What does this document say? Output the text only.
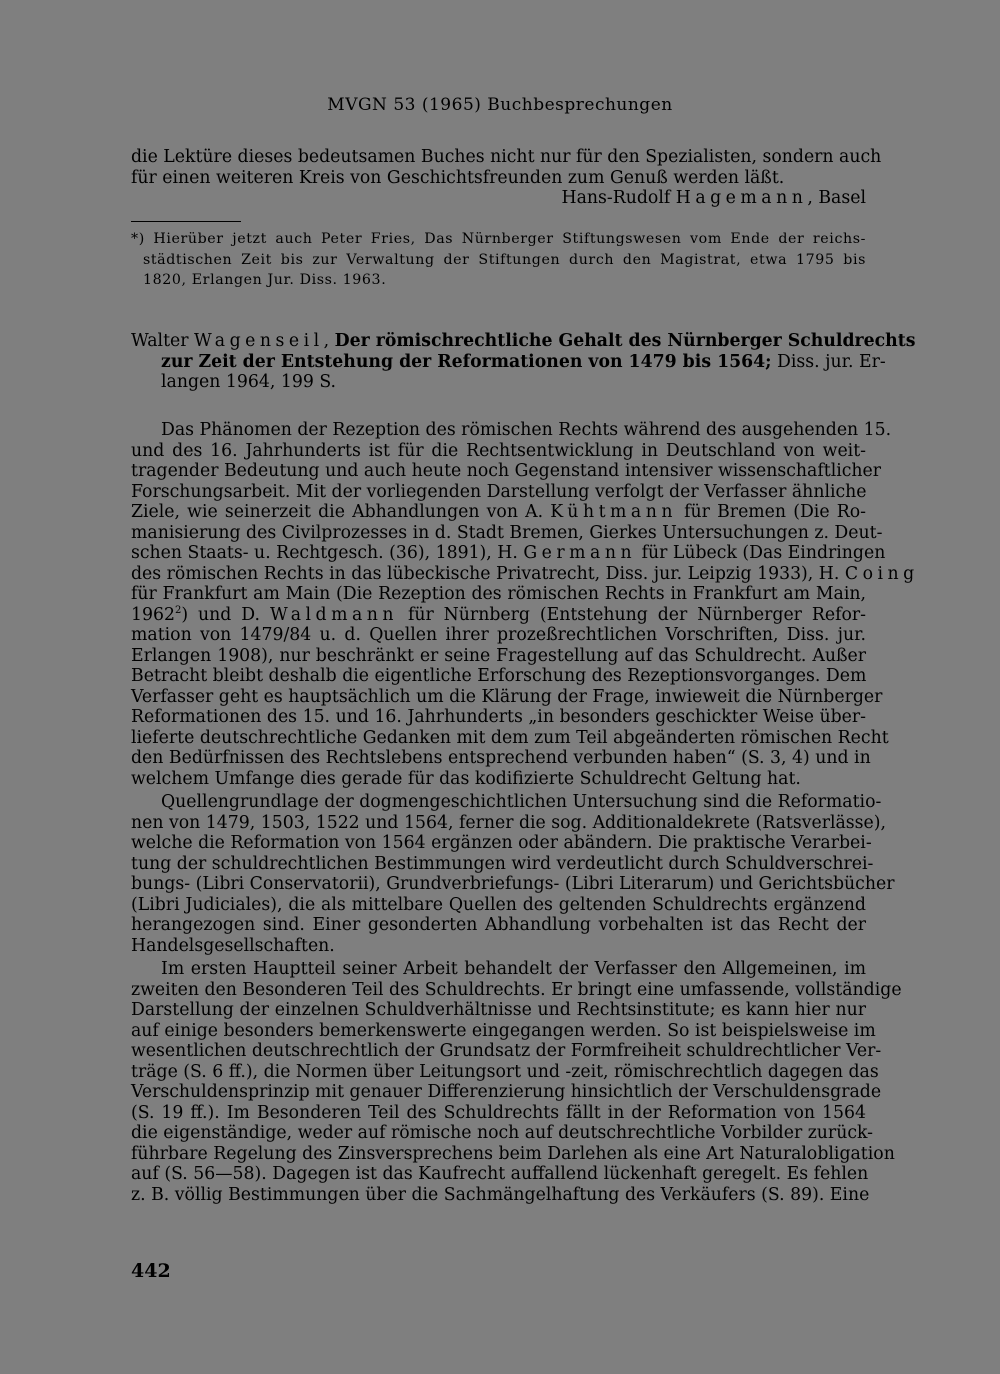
MVGN 53 (1965) Buchbesprechungen
die Lektüre dieses bedeutsamen Buches nicht nur für den Spezialisten, sondern auch
für einen weiteren Kreis von Geschichtsfreunden zum Genuß werden läßt.
Hans-Rudolf Hagemann, Basel
*) Hierüber jetzt auch Peter Fries, Das Nürnberger Stiftungswesen vom Ende der reichs-
städtischen Zeit bis zur Verwaltung der Stiftungen durch den Magistrat, etwa 1795 bis
1820, Erlangen Jur. Diss. 1963.
Walter Wagenseil, Der römischrechtliche Gehalt des Nürnberger Schuldrechts
zur Zeit der Entstehung der Reformationen von 1479 bis 1564; Diss. jur. Er-
langen 1964, 199 S.
Das Phänomen der Rezeption des römischen Rechts während des ausgehenden 15.
und des 16. Jahrhunderts ist für die Rechtsentwicklung in Deutschland von weit-
tragender Bedeutung und auch heute noch Gegenstand intensiver wissenschaftlicher
Forschungsarbeit. Mit der vorliegenden Darstellung verfolgt der Verfasser ähnliche
Ziele, wie seinerzeit die Abhandlungen von A. Kühtmann für Bremen (Die Ro-
manisierung des Civilprozesses in d. Stadt Bremen, Gierkes Untersuchungen z. Deut-
schen Staats- u. Rechtgesch. (36), 1891), H. Germann für Lübeck (Das Eindringen
des römischen Rechts in das lübeckische Privatrecht, Diss. jur. Leipzig 1933), H. Coing
für Frankfurt am Main (Die Rezeption des römischen Rechts in Frankfurt am Main,
1962$^2$) und D. Waldmann für Nürnberg (Entstehung der Nürnberger Refor-
mation von 1479/84 u. d. Quellen ihrer prozeßrechtlichen Vorschriften, Diss. jur.
Erlangen 1908), nur beschränkt er seine Fragestellung auf das Schuldrecht. Außer
Betracht bleibt deshalb die eigentliche Erforschung des Rezeptionsvorganges. Dem
Verfasser geht es hauptsächlich um die Klärung der Frage, inwieweit die Nürnberger
Reformationen des 15. und 16. Jahrhunderts „in besonders geschickter Weise über-
lieferte deutschrechtliche Gedanken mit dem zum Teil abgeänderten römischen Recht
den Bedürfnissen des Rechtslebens entsprechend verbunden haben“ (S. 3, 4) und in
welchem Umfange dies gerade für das kodifizierte Schuldrecht Geltung hat.
Quellengrundlage der dogmengeschichtlichen Untersuchung sind die Reformatio-
nen von 1479, 1503, 1522 und 1564, ferner die sog. Additionaldekrete (Ratsverlässe),
welche die Reformation von 1564 ergänzen oder abändern. Die praktische Verarbei-
tung der schuldrechtlichen Bestimmungen wird verdeutlicht durch Schuldverschrei-
bungs- (Libri Conservatorii), Grundverbriefungs- (Libri Literarum) und Gerichtsbücher
(Libri Judiciales), die als mittelbare Quellen des geltenden Schuldrechts ergänzend
herangezogen sind. Einer gesonderten Abhandlung vorbehalten ist das Recht der
Handelsgesellschaften.
Im ersten Hauptteil seiner Arbeit behandelt der Verfasser den Allgemeinen, im
zweiten den Besonderen Teil des Schuldrechts. Er bringt eine umfassende, vollständige
Darstellung der einzelnen Schuldverhältnisse und Rechtsinstitute; es kann hier nur
auf einige besonders bemerkenswerte eingegangen werden. So ist beispielsweise im
wesentlichen deutschrechtlich der Grundsatz der Formfreiheit schuldrechtlicher Ver-
träge (S. 6 ff.), die Normen über Leitungsort und -zeit, römischrechtlich dagegen das
Verschuldensprinzip mit genauer Differenzierung hinsichtlich der Verschuldensgrade
(S. 19 ff.). Im Besonderen Teil des Schuldrechts fällt in der Reformation von 1564
die eigenständige, weder auf römische noch auf deutschrechtliche Vorbilder zurück-
führbare Regelung des Zinsversprechens beim Darlehen als eine Art Naturalobligation
auf (S. 56—58). Dagegen ist das Kaufrecht auffallend lückenhaft geregelt. Es fehlen
z. B. völlig Bestimmungen über die Sachmängelhaftung des Verkäufers (S. 89). Eine
442
